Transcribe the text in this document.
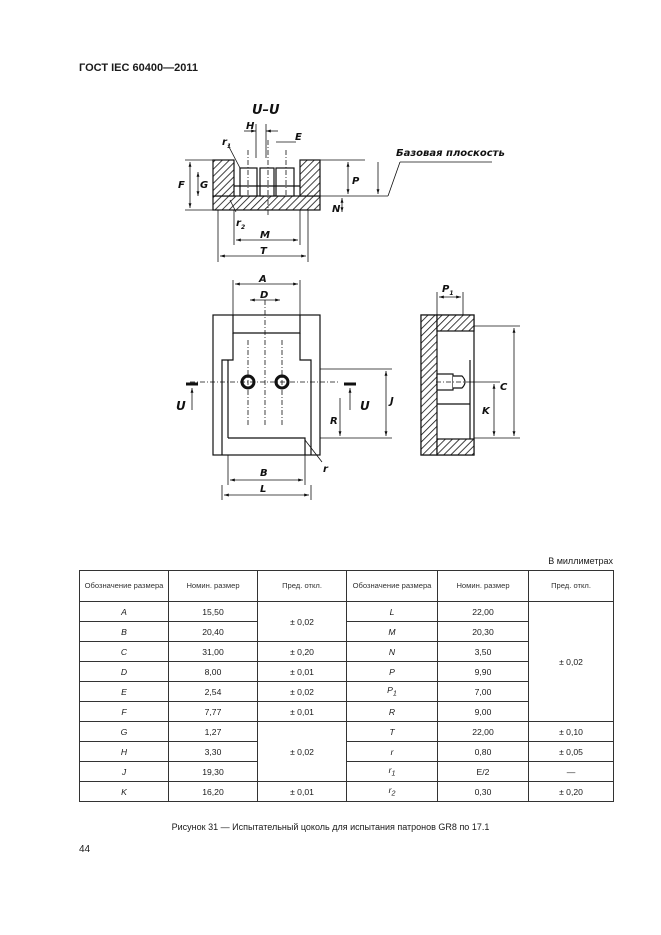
ГОСТ IEC 60400—2011
U–U
H
E
$r_1$
F G	P
N
$r_2$
M
T
Базовая плоскость
A
D
U	U
R
J
B
L
r
$P_1$
C
K
В миллиметрах
Обозначение размера	Номин. размер	Пред. откл.	Обозначение размера	Номин. размер	Пред. откл.
A	15,50	± 0,02	L	22,00	± 0,02
B	20,40		M	20,30	
C	31,00	± 0,20	N	3,50	
D	8,00	± 0,01	P	9,90	
E	2,54	± 0,02	$P_1$	7,00	
F	7,77	± 0,01	R	9,00	
G	1,27	± 0,02	T	22,00	± 0,10
H	3,30		r	0,80	± 0,05
J	19,30		$r_1$	E/2	—
K	16,20	± 0,01	$r_2$	0,30	± 0,20
Рисунок 31 — Испытательный цоколь для испытания патронов GR8 по 17.1
44
